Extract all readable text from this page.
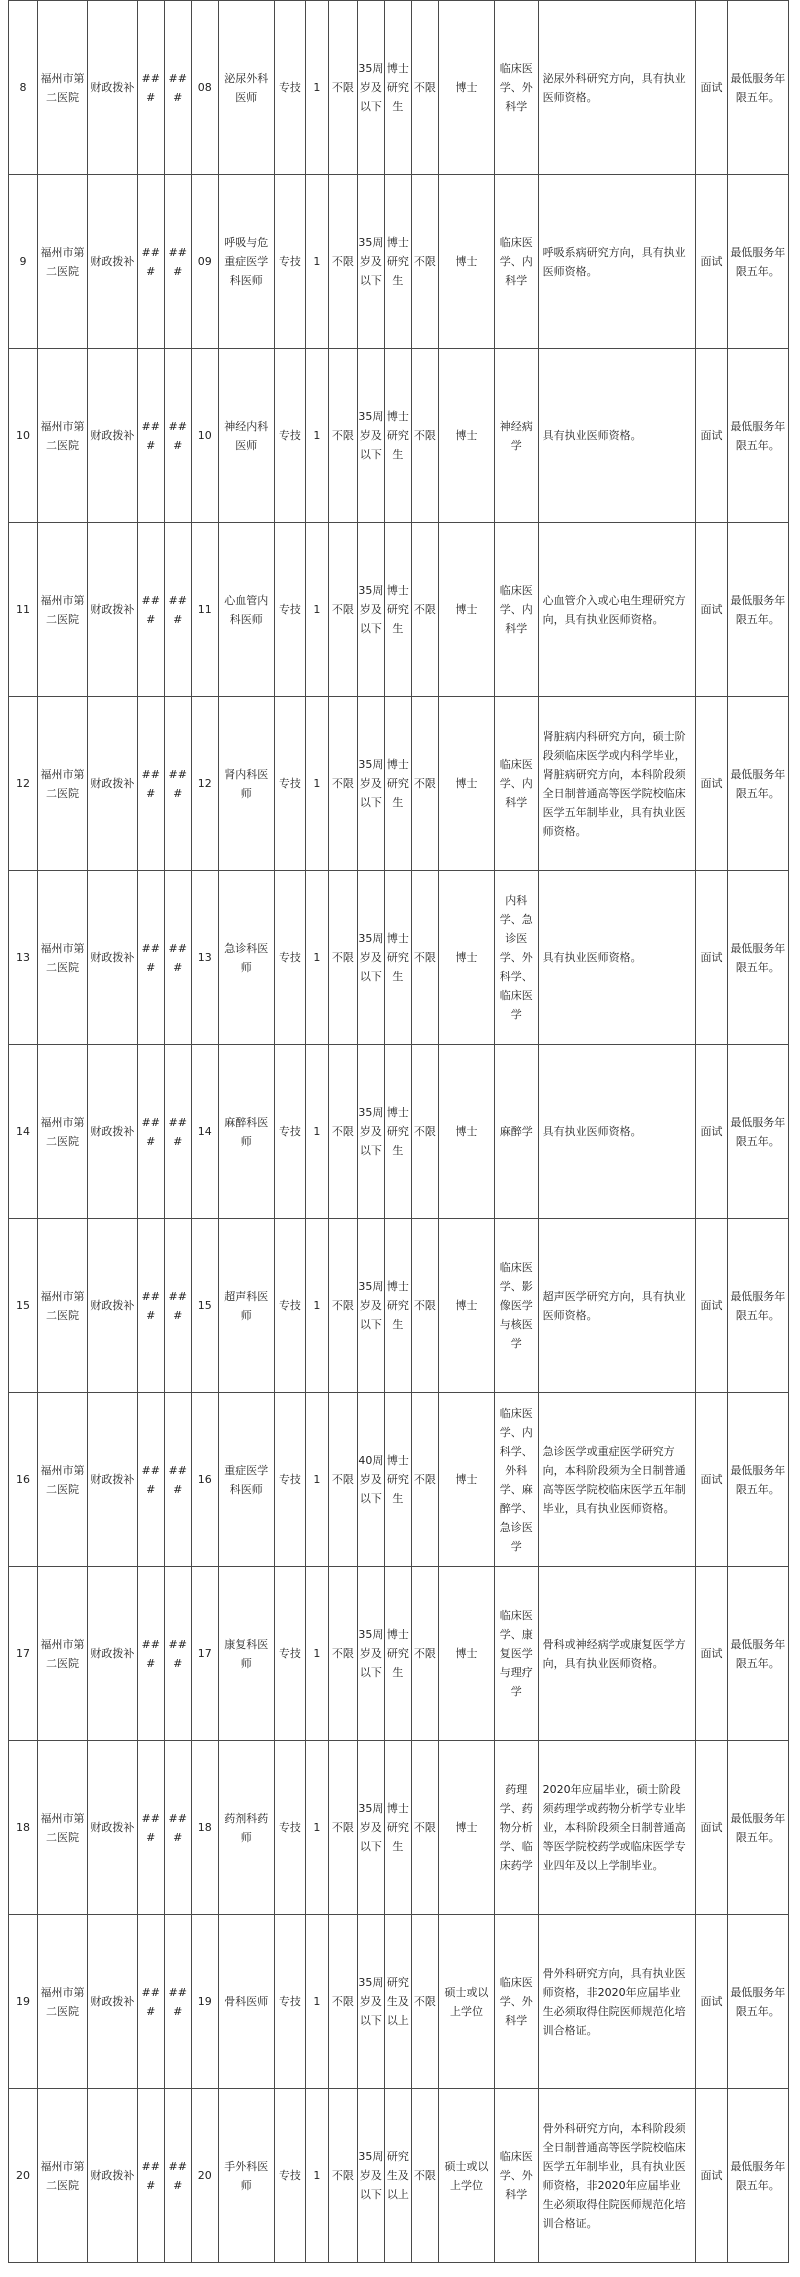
8	福州市第二医院	财政拨补	###	###	08	泌尿外科医师	专技	1	不限	35周岁及以下	博士研究生	不限	博士	临床医学、外科学	泌尿外科研究方向，具有执业医师资格。	面试	最低服务年限五年。
9	福州市第二医院	财政拨补	###	###	09	呼吸与危重症医学科医师	专技	1	不限	35周岁及以下	博士研究生	不限	博士	临床医学、内科学	呼吸系病研究方向，具有执业医师资格。	面试	最低服务年限五年。
10	福州市第二医院	财政拨补	###	###	10	神经内科医师	专技	1	不限	35周岁及以下	博士研究生	不限	博士	神经病学	具有执业医师资格。	面试	最低服务年限五年。
11	福州市第二医院	财政拨补	###	###	11	心血管内科医师	专技	1	不限	35周岁及以下	博士研究生	不限	博士	临床医学、内科学	心血管介入或心电生理研究方向，具有执业医师资格。	面试	最低服务年限五年。
12	福州市第二医院	财政拨补	###	###	12	肾内科医师	专技	1	不限	35周岁及以下	博士研究生	不限	博士	临床医学、内科学	肾脏病内科研究方向，硕士阶段须临床医学或内科学毕业，肾脏病研究方向，本科阶段须全日制普通高等医学院校临床医学五年制毕业，具有执业医师资格。	面试	最低服务年限五年。
13	福州市第二医院	财政拨补	###	###	13	急诊科医师	专技	1	不限	35周岁及以下	博士研究生	不限	博士	内科学、急诊医学、外科学、临床医学	具有执业医师资格。	面试	最低服务年限五年。
14	福州市第二医院	财政拨补	###	###	14	麻醉科医师	专技	1	不限	35周岁及以下	博士研究生	不限	博士	麻醉学	具有执业医师资格。	面试	最低服务年限五年。
15	福州市第二医院	财政拨补	###	###	15	超声科医师	专技	1	不限	35周岁及以下	博士研究生	不限	博士	临床医学、影像医学与核医学	超声医学研究方向，具有执业医师资格。	面试	最低服务年限五年。
16	福州市第二医院	财政拨补	###	###	16	重症医学科医师	专技	1	不限	40周岁及以下	博士研究生	不限	博士	临床医学、内科学、外科学、麻醉学、急诊医学	急诊医学或重症医学研究方向，本科阶段须为全日制普通高等医学院校临床医学五年制毕业，具有执业医师资格。	面试	最低服务年限五年。
17	福州市第二医院	财政拨补	###	###	17	康复科医师	专技	1	不限	35周岁及以下	博士研究生	不限	博士	临床医学、康复医学与理疗学	骨科或神经病学或康复医学方向，具有执业医师资格。	面试	最低服务年限五年。
18	福州市第二医院	财政拨补	###	###	18	药剂科药师	专技	1	不限	35周岁及以下	博士研究生	不限	博士	药理学、药物分析学、临床药学	2020年应届毕业，硕士阶段须药理学或药物分析学专业毕业，本科阶段须全日制普通高等医学院校药学或临床医学专业四年及以上学制毕业。	面试	最低服务年限五年。
19	福州市第二医院	财政拨补	###	###	19	骨科医师	专技	1	不限	35周岁及以下	研究生及以上	不限	硕士或以上学位	临床医学、外科学	骨外科研究方向，具有执业医师资格，非2020年应届毕业生必须取得住院医师规范化培训合格证。	面试	最低服务年限五年。
20	福州市第二医院	财政拨补	###	###	20	手外科医师	专技	1	不限	35周岁及以下	研究生及以上	不限	硕士或以上学位	临床医学、外科学	骨外科研究方向，本科阶段须全日制普通高等医学院校临床医学五年制毕业，具有执业医师资格，非2020年应届毕业生必须取得住院医师规范化培训合格证。	面试	最低服务年限五年。
